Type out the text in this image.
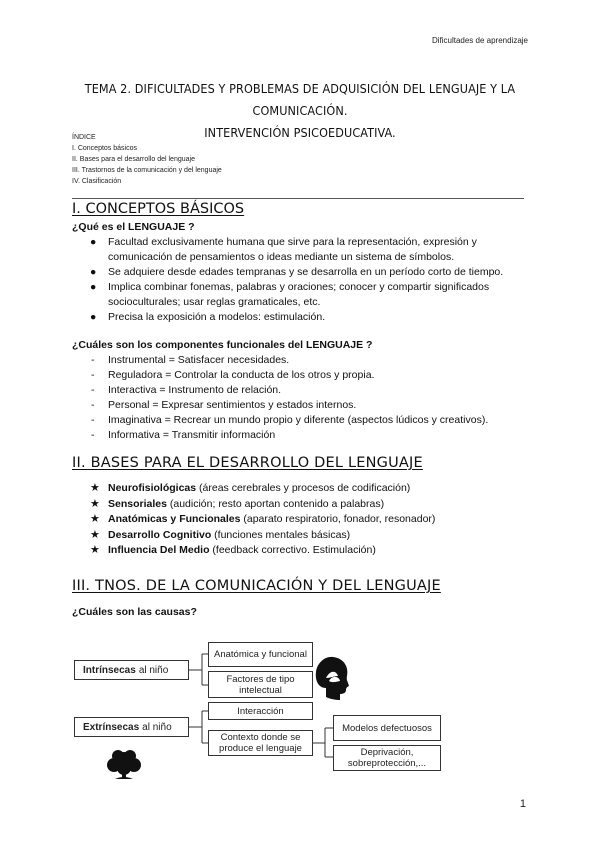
Dificultades de aprendizaje
TEMA 2. DIFICULTADES Y PROBLEMAS DE ADQUISICIÓN DEL LENGUAJE Y LA COMUNICACIÓN.
INTERVENCIÓN PSICOEDUCATIVA.
ÍNDICE
I. Conceptos básicos
II. Bases para el desarrollo del lenguaje
III. Trastornos de la comunicación y del lenguaje
IV. Clasificación
I. CONCEPTOS BÁSICOS
¿Qué es el LENGUAJE ?
● Facultad exclusivamente humana que sirve para la representación, expresión y
comunicación de pensamientos o ideas mediante un sistema de símbolos.
● Se adquiere desde edades tempranas y se desarrolla en un período corto de tiempo.
● Implica combinar fonemas, palabras y oraciones; conocer y compartir significados
socioculturales; usar reglas gramaticales, etc.
● Precisa la exposición a modelos: estimulación.
¿Cuáles son los componentes funcionales del LENGUAJE ?
- Instrumental = Satisfacer necesidades.
- Reguladora = Controlar la conducta de los otros y propia.
- Interactiva = Instrumento de relación.
- Personal = Expresar sentimientos y estados internos.
- Imaginativa = Recrear un mundo propio y diferente (aspectos lúdicos y creativos).
- Informativa = Transmitir información
II. BASES PARA EL DESARROLLO DEL LENGUAJE
★ Neurofisiológicas (áreas cerebrales y procesos de codificación)
★ Sensoriales (audición; resto aportan contenido a palabras)
★ Anatómicas y Funcionales (aparato respiratorio, fonador, resonador)
★ Desarrollo Cognitivo (funciones mentales básicas)
★ Influencia Del Medio (feedback correctivo. Estimulación)
III. TNOS. DE LA COMUNICACIÓN Y DEL LENGUAJE
¿Cuáles son las causas?
Intrínsecas al niño
Extrínsecas al niño
Anatómica y funcional
Factores de tipo intelectual
Interacción
Contexto donde se produce el lenguaje
Modelos defectuosos
Deprivación, sobreprotección,...
1
